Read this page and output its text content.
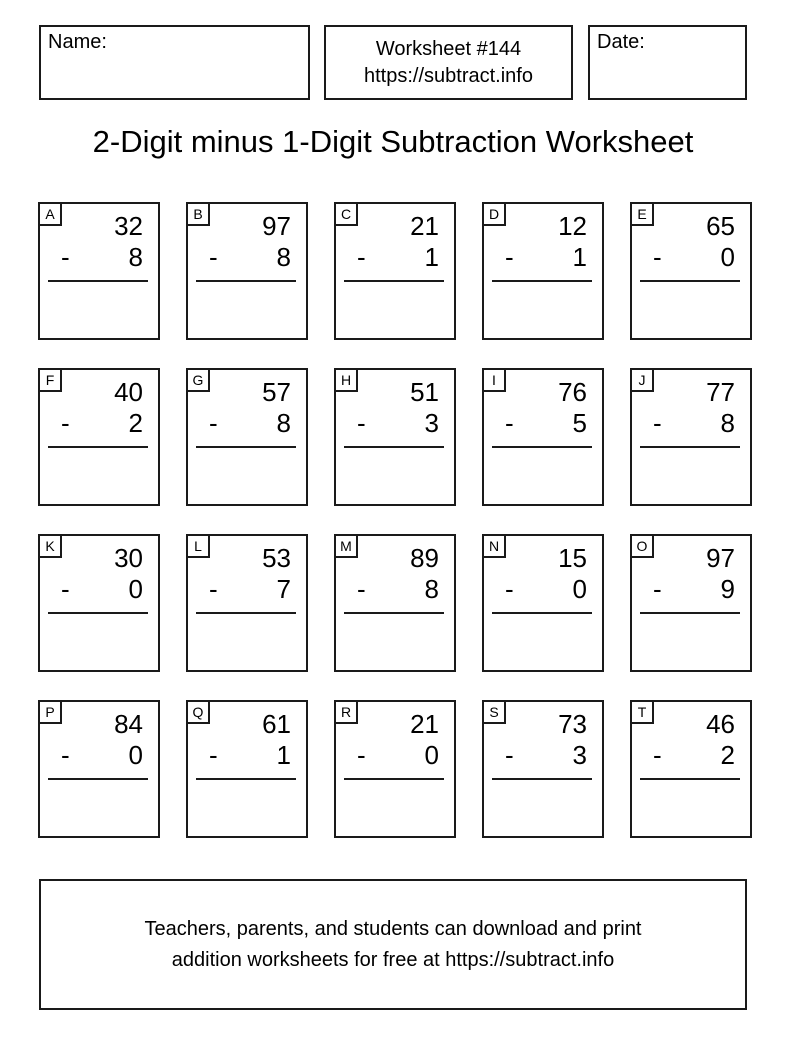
Name:	Worksheet #144
https://subtract.info
Date:
2-Digit minus 1-Digit Subtraction Worksheet
A	32
- 8
B	97
- 8
C	21
- 1
D	12
- 1
E	65
- 0
F	40
- 2
G	57
- 8
H	51
- 3
I	76
- 5
J	77
- 8
K	30
- 0
L	53
- 7
M	89
- 8
N	15
- 0
O	97
- 9
P	84
- 0
Q	61
- 1
R	21
- 0
S	73
- 3
T	46
- 2
Teachers, parents, and students can download and print
addition worksheets for free at https://subtract.info
